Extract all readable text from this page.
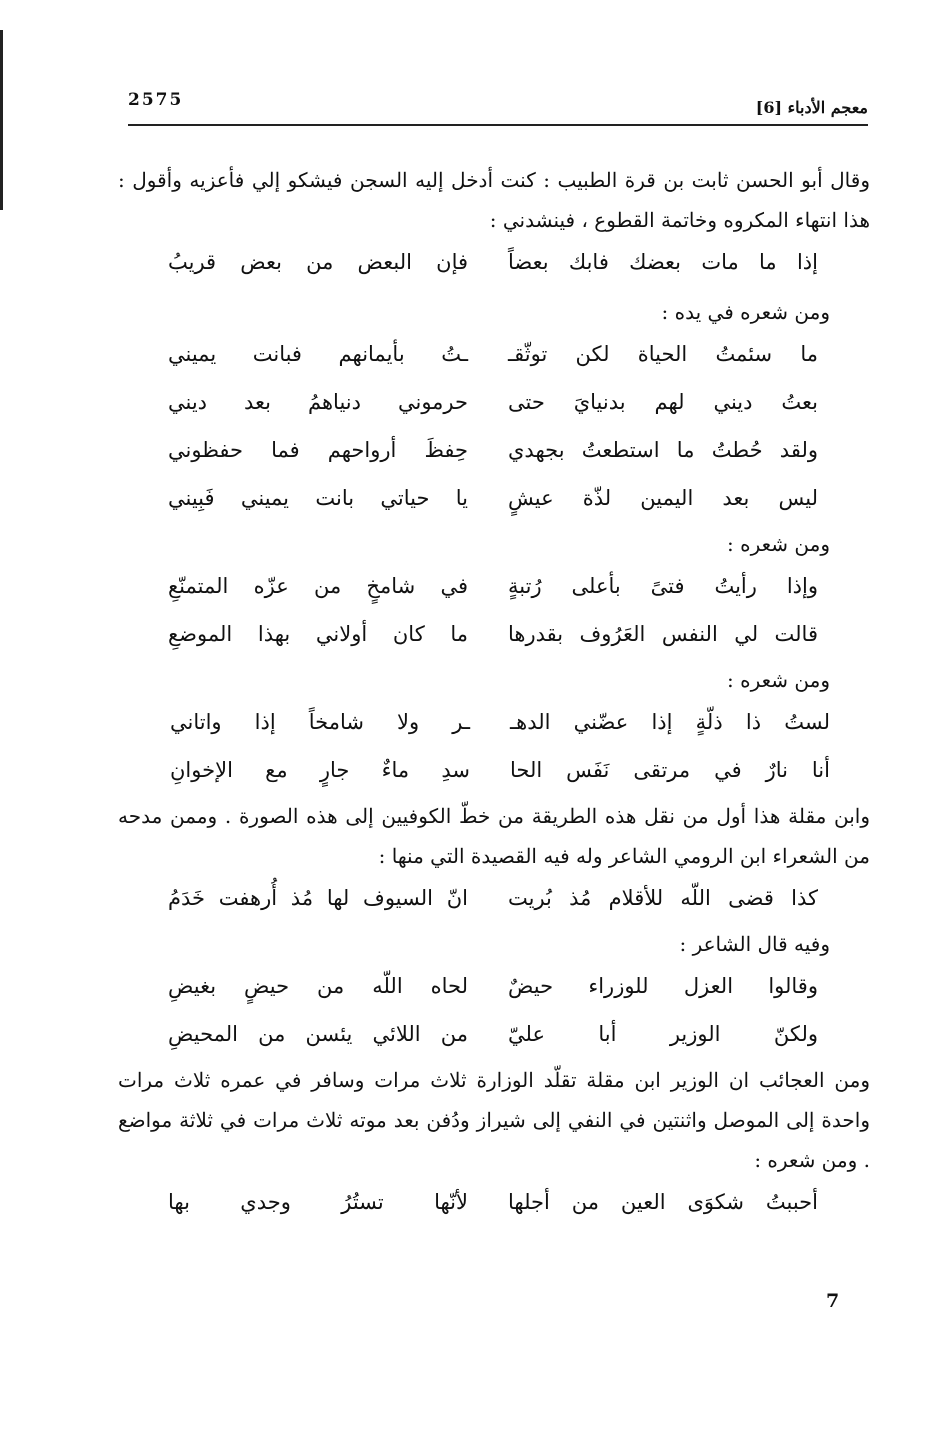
2575	معجم الأدباء [6]

وقال أبو الحسن ثابت بن قرة الطبيب : كنت أدخل إليه السجن فيشكو إلي فأعزيه وأقول : هذا انتهاء المكروه وخاتمة القطوع ، فينشدني :

إذا ما مات بعضك فابك بعضاً
فإن البعض من بعض قريبُ

ومن شعره في يده :

ما سئمتُ الحياة لكن توثّقـ
ـتُ بأيمانهم فبانت يميني
بعتُ ديني لهم بدنيايَ حتى
حرموني دنياهمُ بعد ديني
ولقد حُطتُ ما استطعتُ بجهدي
حِفظَ أرواحهم فما حفظوني
ليس بعد اليمين لذّة عيشٍ
يا حياتي بانت يميني فَبِيني

ومن شعره :

وإذا رأيتُ فتىً بأعلى رُتبةٍ
في شامخٍ من عزّه المتمنّعِ
قالت لي النفس العَرُوف بقدرها
ما كان أولاني بهذا الموضعِ

ومن شعره :

لستُ ذا ذلّةٍ إذا عضّني الدهـ
ـر ولا شامخاً إذا واتاني
أنا نارٌ في مرتقى نَفَس الحا
سدِ ماءٌ جارٍ مع الإخوانِ

وابن مقلة هذا أول من نقل هذه الطريقة من خطّ الكوفيين إلى هذه الصورة . وممن مدحه من الشعراء ابن الرومي الشاعر وله فيه القصيدة التي منها :

كذا قضى اللّه للأقلام مُذ بُريت
انّ السيوف لها مُذ أُرهفت خَدَمُ

وفيه قال الشاعر :

وقالوا العزل للوزراء حيضٌ
لحاه اللّه من حيضٍ بغيضِ
ولكنّ الوزير أبا عليّ
من اللائي يئسن من المحيضِ

ومن العجائب ان الوزير ابن مقلة تقلّد الوزارة ثلاث مرات وسافر في عمره ثلاث مرات واحدة إلى الموصل واثنتين في النفي إلى شيراز ودُفن بعد موته ثلاث مرات في ثلاثة مواضع . ومن شعره :

أحببتُ شكوَى العين من أجلها
لأنّها تستُرُ وجدي بها
7
